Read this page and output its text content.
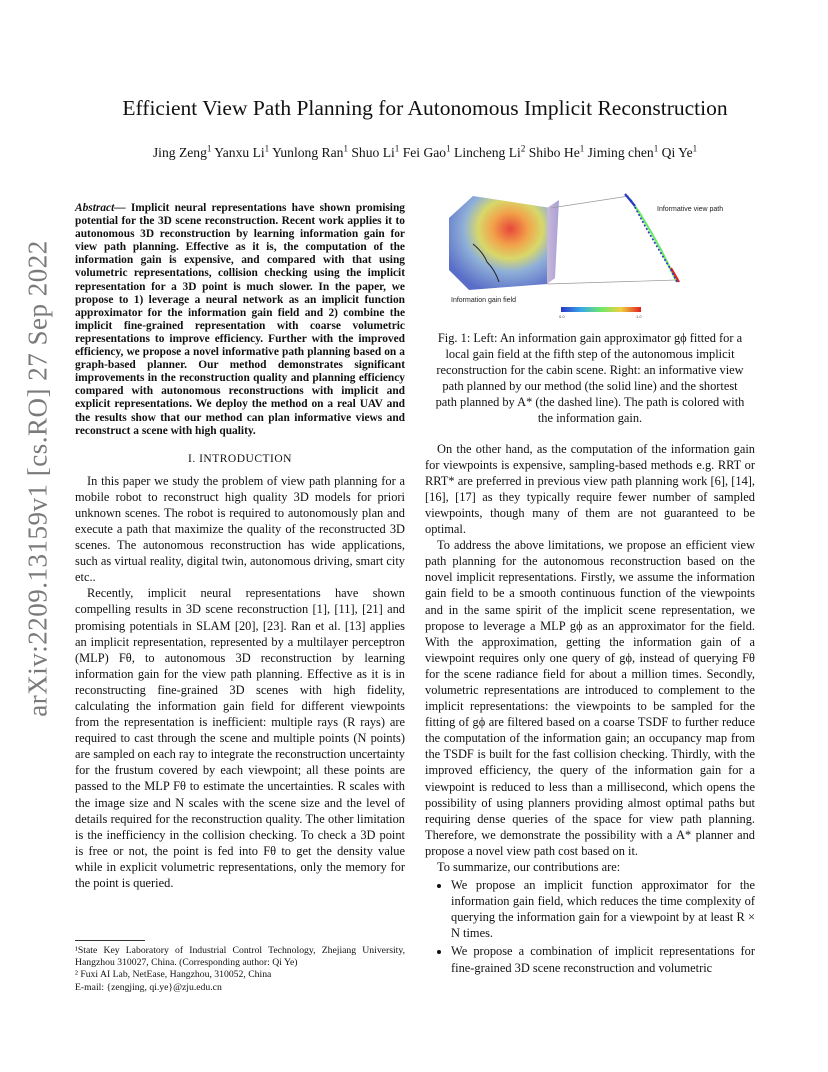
arXiv:2209.13159v1 [cs.RO] 27 Sep 2022
Efficient View Path Planning for Autonomous Implicit Reconstruction

Jing Zeng$^1$ Yanxu Li$^1$ Yunlong Ran$^1$ Shuo Li$^1$ Fei Gao$^1$ Lincheng Li$^2$ Shibo He$^1$ Jiming chen$^1$ Qi Ye$^1$

Abstract— Implicit neural representations have shown promising potential for the 3D scene reconstruction. Recent work applies it to autonomous 3D reconstruction by learning information gain for view path planning. Effective as it is, the computation of the information gain is expensive, and compared with that using volumetric representations, collision checking using the implicit representation for a 3D point is much slower. In the paper, we propose to 1) leverage a neural network as an implicit function approximator for the information gain field and 2) combine the implicit fine-grained representation with coarse volumetric representations to improve efficiency. Further with the improved efficiency, we propose a novel informative path planning based on a graph-based planner. Our method demonstrates significant improvements in the reconstruction quality and planning efficiency compared with autonomous reconstructions with implicit and explicit representations. We deploy the method on a real UAV and the results show that our method can plan informative views and reconstruct a scene with high quality.

I. INTRODUCTION

In this paper we study the problem of view path planning for a mobile robot to reconstruct high quality 3D models for priori unknown scenes. The robot is required to autonomously plan and execute a path that maximize the quality of the reconstructed 3D scenes. The autonomous reconstruction has wide applications, such as virtual reality, digital twin, autonomous driving, smart city etc..

Recently, implicit neural representations have shown compelling results in 3D scene reconstruction [1], [11], [21] and promising potentials in SLAM [20], [23]. Ran et al. [13] applies an implicit representation, represented by a multilayer perceptron (MLP) Fθ, to autonomous 3D reconstruction by learning information gain for the view path planning. Effective as it is in reconstructing fine-grained 3D scenes with high fidelity, calculating the information gain field for different viewpoints from the representation is inefficient: multiple rays (R rays) are required to cast through the scene and multiple points (N points) are sampled on each ray to integrate the reconstruction uncertainty for the frustum covered by each viewpoint; all these points are passed to the MLP Fθ to estimate the uncertainties. R scales with the image size and N scales with the scene size and the level of details required for the reconstruction quality. The other limitation is the inefficiency in the collision checking. To check a 3D point is free or not, the point is fed into Fθ to get the density value while in explicit volumetric representations, only the memory for the point is queried.

¹State Key Laboratory of Industrial Control Technology, Zhejiang University, Hangzhou 310027, China. (Corresponding author: Qi Ye)

² Fuxi AI Lab, NetEase, Hangzhou, 310052, China

E-mail: {zengjing, qi.ye}@zju.edu.cn

Informative view path
Information gain field
0.0	1.0

Fig. 1: Left: An information gain approximator gϕ fitted for a local gain field at the fifth step of the autonomous implicit reconstruction for the cabin scene. Right: an informative view path planned by our method (the solid line) and the shortest path planned by A* (the dashed line). The path is colored with the information gain.

On the other hand, as the computation of the information gain for viewpoints is expensive, sampling-based methods e.g. RRT or RRT* are preferred in previous view path planning work [6], [14], [16], [17] as they typically require fewer number of sampled viewpoints, though many of them are not guaranteed to be optimal.

To address the above limitations, we propose an efficient view path planning for the autonomous reconstruction based on the novel implicit representations. Firstly, we assume the information gain field to be a smooth continuous function of the viewpoints and in the same spirit of the implicit scene representation, we propose to leverage a MLP gϕ as an approximator for the field. With the approximation, getting the information gain of a viewpoint requires only one query of gϕ, instead of querying Fθ for the scene radiance field for about a million times. Secondly, volumetric representations are introduced to complement to the implicit representations: the viewpoints to be sampled for the fitting of gϕ are filtered based on a coarse TSDF to further reduce the computation of the information gain; an occupancy map from the TSDF is built for the fast collision checking. Thirdly, with the improved efficiency, the query of the information gain for a viewpoint is reduced to less than a millisecond, which opens the possibility of using planners providing almost optimal paths but requiring dense queries of the space for view path planning. Therefore, we demonstrate the possibility with a A* planner and propose a novel view path cost based on it.

To summarize, our contributions are:

• We propose an implicit function approximator for the information gain field, which reduces the time complexity of querying the information gain for a viewpoint by at least R × N times.
• We propose a combination of implicit representations for fine-grained 3D scene reconstruction and volumetric
